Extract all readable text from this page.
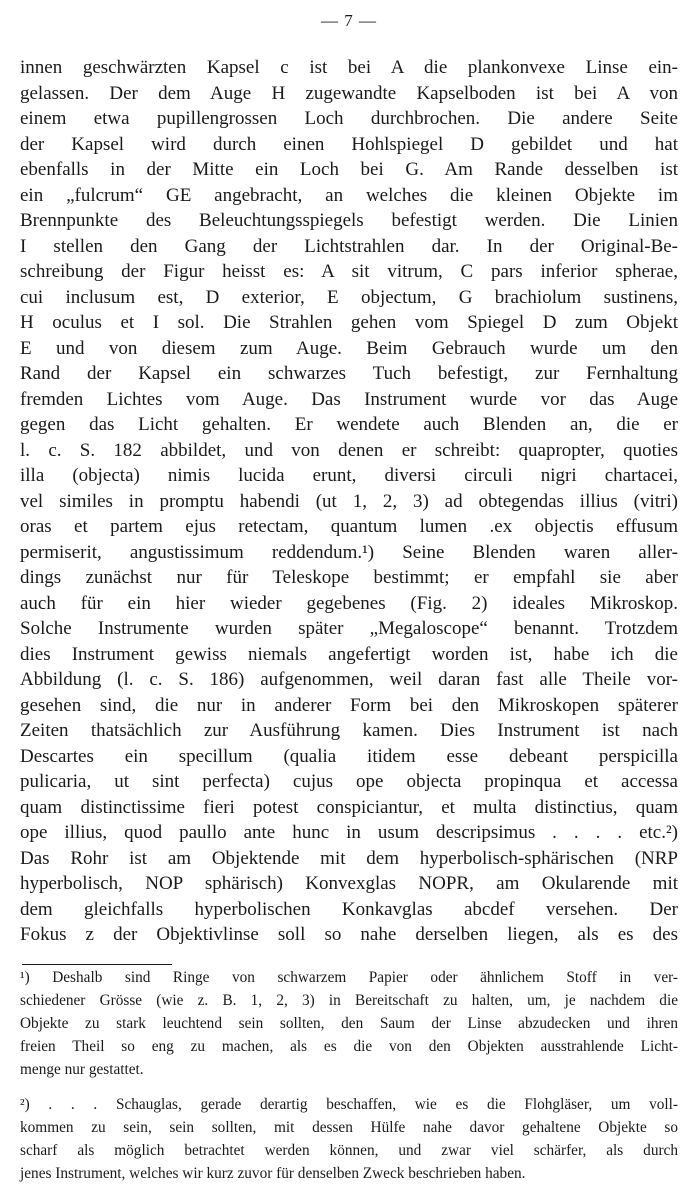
— 7 —
innen geschwärzten Kapsel c ist bei A die plankonvexe Linse ein-
gelassen. Der dem Auge H zugewandte Kapselboden ist bei A von
einem etwa pupillengrossen Loch durchbrochen. Die andere Seite
der Kapsel wird durch einen Hohlspiegel D gebildet und hat
ebenfalls in der Mitte ein Loch bei G. Am Rande desselben ist
ein „fulcrum“ GE angebracht, an welches die kleinen Objekte im
Brennpunkte des Beleuchtungsspiegels befestigt werden. Die Linien
I stellen den Gang der Lichtstrahlen dar. In der Original-Be-
schreibung der Figur heisst es: A sit vitrum, C pars inferior spherae,
cui inclusum est, D exterior, E objectum, G brachiolum sustinens,
H oculus et I sol. Die Strahlen gehen vom Spiegel D zum Objekt
E und von diesem zum Auge. Beim Gebrauch wurde um den
Rand der Kapsel ein schwarzes Tuch befestigt, zur Fernhaltung
fremden Lichtes vom Auge. Das Instrument wurde vor das Auge
gegen das Licht gehalten. Er wendete auch Blenden an, die er
l. c. S. 182 abbildet, und von denen er schreibt: quapropter, quoties
illa (objecta) nimis lucida erunt, diversi circuli nigri chartacei,
vel similes in promptu habendi (ut 1, 2, 3) ad obtegendas illius (vitri)
oras et partem ejus retectam, quantum lumen .ex objectis effusum
permiserit, angustissimum reddendum.¹) Seine Blenden waren aller-
dings zunächst nur für Teleskope bestimmt; er empfahl sie aber
auch für ein hier wieder gegebenes (Fig. 2) ideales Mikroskop.
Solche Instrumente wurden später „Megaloscope“ benannt. Trotzdem
dies Instrument gewiss niemals angefertigt worden ist, habe ich die
Abbildung (l. c. S. 186) aufgenommen, weil daran fast alle Theile vor-
gesehen sind, die nur in anderer Form bei den Mikroskopen späterer
Zeiten thatsächlich zur Ausführung kamen. Dies Instrument ist nach
Descartes ein specillum (qualia itidem esse debeant perspicilla
pulicaria, ut sint perfecta) cujus ope objecta propinqua et accessa
quam distinctissime fieri potest conspiciantur, et multa distinctius, quam
ope illius, quod paullo ante hunc in usum descripsimus . . . . etc.²)
Das Rohr ist am Objektende mit dem hyperbolisch-sphärischen (NRP
hyperbolisch, NOP sphärisch) Konvexglas NOPR, am Okularende mit
dem gleichfalls hyperbolischen Konkavglas abcdef versehen. Der
Fokus z der Objektivlinse soll so nahe derselben liegen, als es des
¹) Deshalb sind Ringe von schwarzem Papier oder ähnlichem Stoff in ver-
schiedener Grösse (wie z. B. 1, 2, 3) in Bereitschaft zu halten, um, je nachdem die
Objekte zu stark leuchtend sein sollten, den Saum der Linse abzudecken und ihren
freien Theil so eng zu machen, als es die von den Objekten ausstrahlende Licht-
menge nur gestattet.
²) . . . Schauglas, gerade derartig beschaffen, wie es die Flohgläser, um voll-
kommen zu sein, sein sollten, mit dessen Hülfe nahe davor gehaltene Objekte so
scharf als möglich betrachtet werden können, und zwar viel schärfer, als durch
jenes Instrument, welches wir kurz zuvor für denselben Zweck beschrieben haben.
